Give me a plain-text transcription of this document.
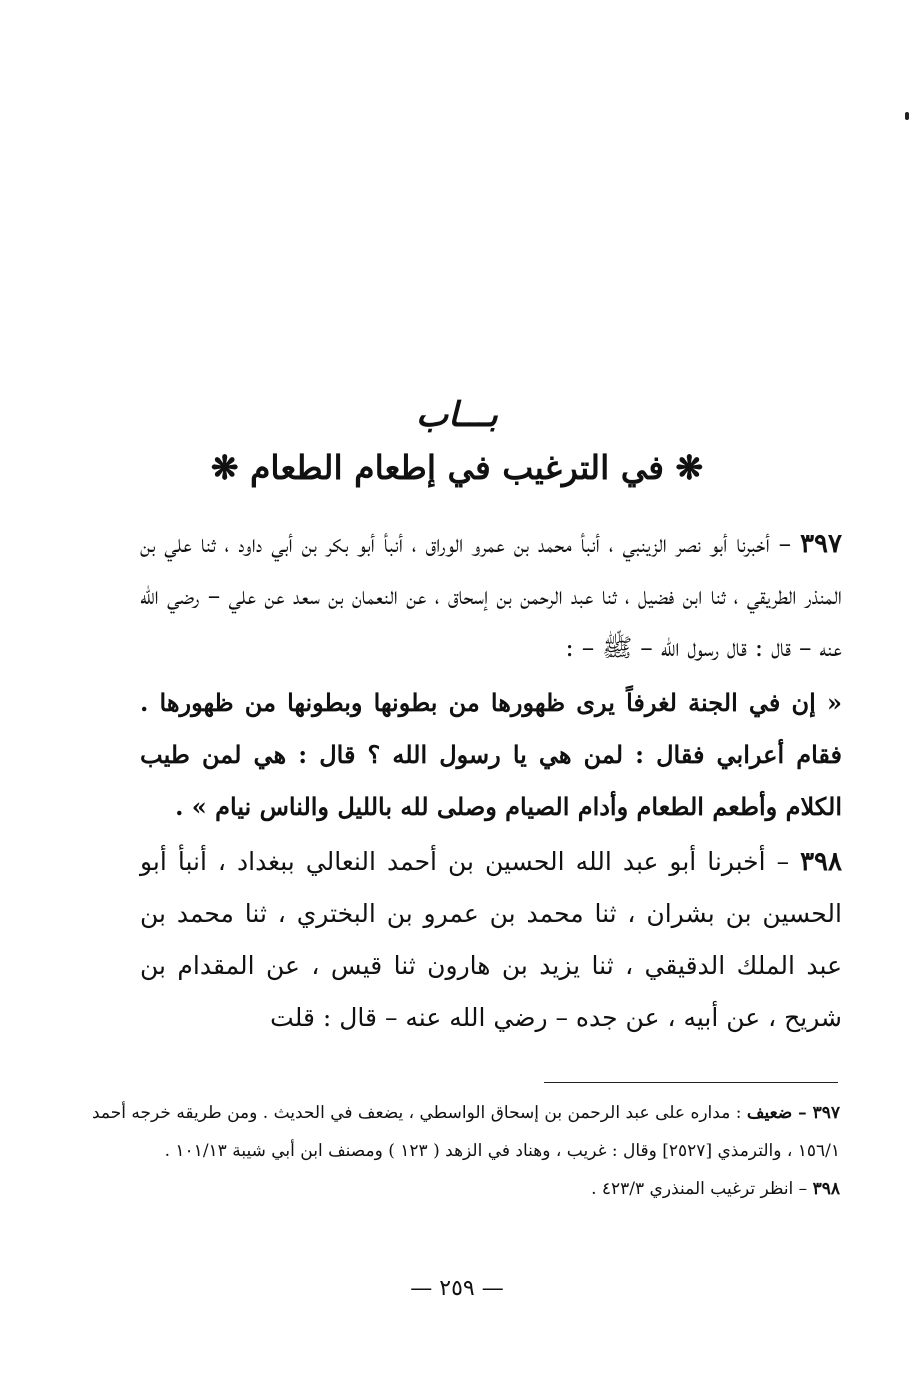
بـــاب
❋ في الترغيب في إطعام الطعام ❋

٣٩٧ – أخبرنا أبو نصر الزينبي ، أنبأ محمد بن عمرو الوراق ، أنبأ أبو بكر بن أبي داود ، ثنا علي بن المنذر الطريقي ، ثنا ابن فضيل ، ثنا عبد الرحمن بن إسحاق ، عن النعمان بن سعد عن علي – رضي الله عنه – قال : قال رسول الله – ﷺ – :

« إن في الجنة لغرفاً يرى ظهورها من بطونها وبطونها من ظهورها . فقام أعرابي فقال : لمن هي يا رسول الله ؟ قال : هي لمن طيب الكلام وأطعم الطعام وأدام الصيام وصلى لله بالليل والناس نيام » .

٣٩٨ – أخبرنا أبو عبد الله الحسين بن أحمد النعالي ببغداد ، أنبأ أبو الحسين بن بشران ، ثنا محمد بن عمرو بن البختري ، ثنا محمد بن عبد الملك الدقيقي ، ثنا يزيد بن هارون ثنا قيس ، عن المقدام بن شريح ، عن أبيه ، عن جده – رضي الله عنه – قال : قلت

٣٩٧ – ضعيف : مداره على عبد الرحمن بن إسحاق الواسطي ، يضعف في الحديث . ومن طريقه خرجه أحمد ١٥٦/١ ، والترمذي [٢٥٢٧] وقال : غريب ، وهناد في الزهد ( ١٢٣ ) ومصنف ابن أبي شيبة ١٠١/١٣ .

٣٩٨ – انظر ترغيب المنذري ٤٢٣/٣ .

— ٢٥٩ —
